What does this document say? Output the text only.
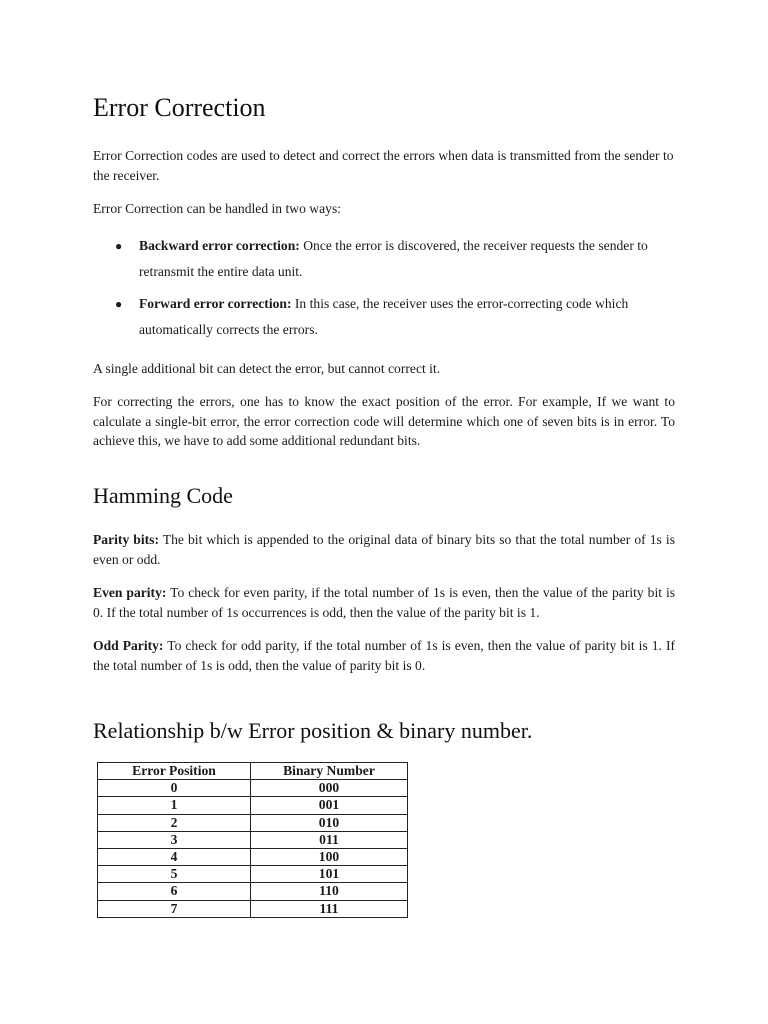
Error Correction

Error Correction codes are used to detect and correct the errors when data is transmitted from the sender to the receiver.

Error Correction can be handled in two ways:

● Backward error correction: Once the error is discovered, the receiver requests the sender to retransmit the entire data unit.
● Forward error correction: In this case, the receiver uses the error-correcting code which automatically corrects the errors.

A single additional bit can detect the error, but cannot correct it.

For correcting the errors, one has to know the exact position of the error. For example, If we want to calculate a single-bit error, the error correction code will determine which one of seven bits is in error. To achieve this, we have to add some additional redundant bits.

Hamming Code

Parity bits: The bit which is appended to the original data of binary bits so that the total number of 1s is even or odd.

Even parity: To check for even parity, if the total number of 1s is even, then the value of the parity bit is 0. If the total number of 1s occurrences is odd, then the value of the parity bit is 1.

Odd Parity: To check for odd parity, if the total number of 1s is even, then the value of parity bit is 1. If the total number of 1s is odd, then the value of parity bit is 0.

Relationship b/w Error position & binary number.
Error Position	Binary Number
0	000
1	001
2	010
3	011
4	100
5	101
6	110
7	111
